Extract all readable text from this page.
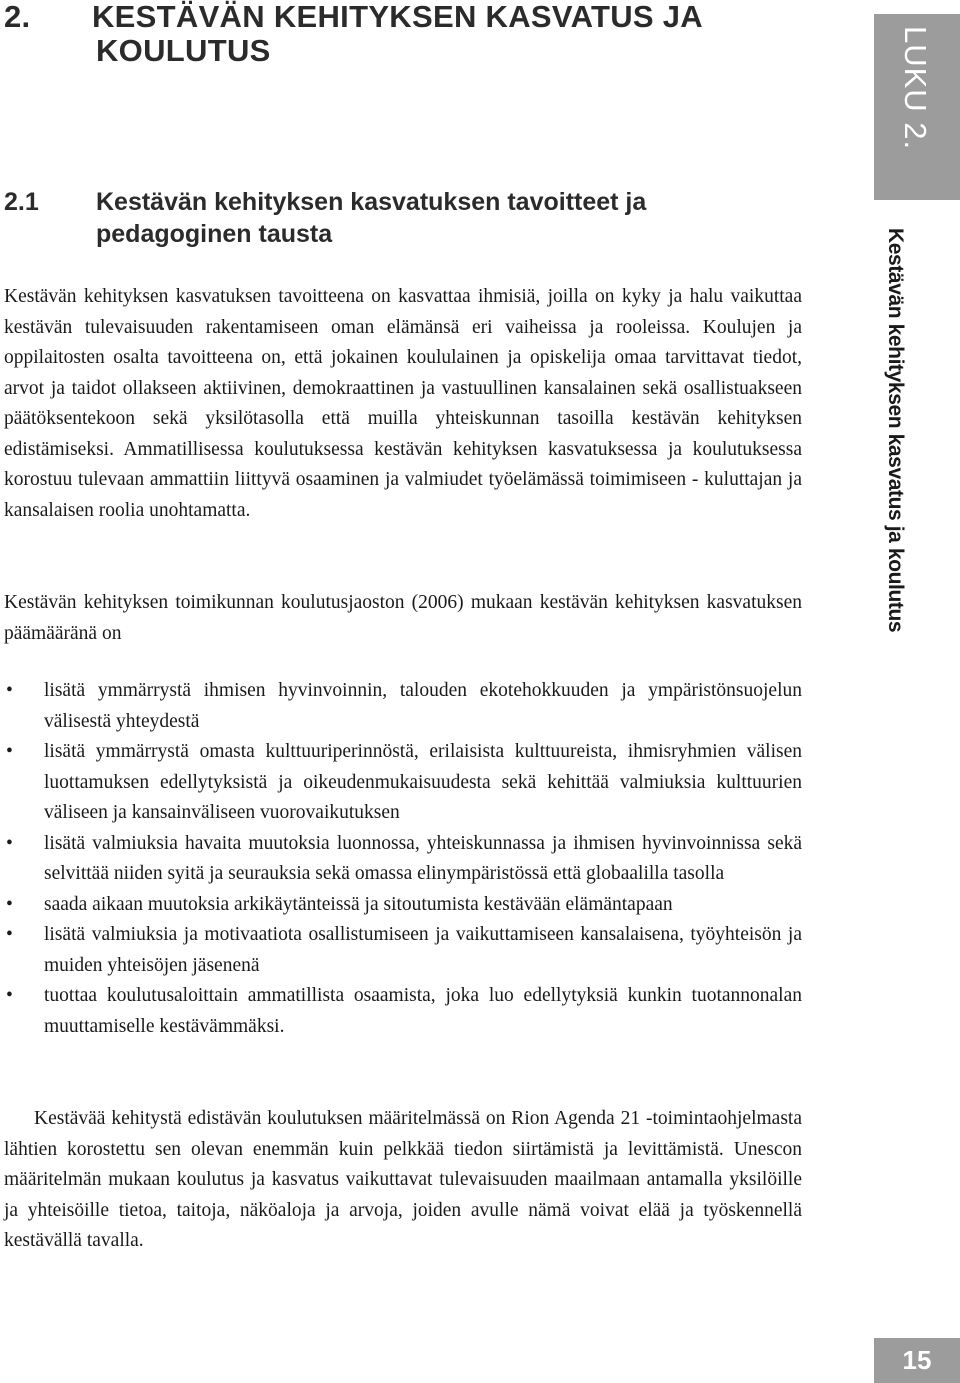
2. KESTÄVÄN KEHITYKSEN KASVATUS JA
KOULUTUS
2.1 Kestävän kehityksen kasvatuksen tavoitteet ja
pedagoginen tausta

Kestävän kehityksen kasvatuksen tavoitteena on kasvattaa ihmisiä, joilla on kyky ja halu vaikuttaa kestävän tulevaisuuden rakentamiseen oman elämänsä eri vaiheissa ja rooleissa. Koulujen ja oppilaitosten osalta tavoitteena on, että jokainen koululainen ja opiskelija omaa tarvittavat tiedot, arvot ja taidot ollakseen aktiivinen, demokraattinen ja vastuullinen kansalainen sekä osallistuakseen päätöksentekoon sekä yksilötasolla että muilla yhteiskunnan tasoilla kestävän kehityksen edistämiseksi. Ammatillisessa koulutuksessa kestävän kehityksen kasvatuksessa ja koulutuksessa korostuu tulevaan ammattiin liittyvä osaaminen ja valmiudet työelämässä toimimiseen - kuluttajan ja kansalaisen roolia unohtamatta.

Kestävän kehityksen toimikunnan koulutusjaoston (2006) mukaan kestävän kehityksen kasvatuksen päämääränä on

•	lisätä ymmärrystä ihmisen hyvinvoinnin, talouden ekotehokkuuden ja ympäristönsuojelun välisestä yhteydestä
•	lisätä ymmärrystä omasta kulttuuriperinnöstä, erilaisista kulttuureista, ihmisryhmien välisen luottamuksen edellytyksistä ja oikeudenmukaisuudesta sekä kehittää valmiuksia kulttuurien väliseen ja kansainväliseen vuorovaikutuksen
•	lisätä valmiuksia havaita muutoksia luonnossa, yhteiskunnassa ja ihmisen hyvinvoinnissa sekä selvittää niiden syitä ja seurauksia sekä omassa elinympäristössä että globaalilla tasolla
•	saada aikaan muutoksia arkikäytänteissä ja sitoutumista kestävään elämäntapaan
•	lisätä valmiuksia ja motivaatiota osallistumiseen ja vaikuttamiseen kansalaisena, työyhteisön ja muiden yhteisöjen jäsenenä
•	tuottaa koulutusaloittain ammatillista osaamista, joka luo edellytyksiä kunkin tuotannonalan muuttamiselle kestävämmäksi.

Kestävää kehitystä edistävän koulutuksen määritelmässä on Rion Agenda 21 -toimintaohjelmasta lähtien korostettu sen olevan enemmän kuin pelkkää tiedon siirtämistä ja levittämistä. Unescon määritelmän mukaan koulutus ja kasvatus vaikuttavat tulevaisuuden maailmaan antamalla yksilöille ja yhteisöille tietoa, taitoja, näköaloja ja arvoja, joiden avulle nämä voivat elää ja työskennellä kestävällä tavalla.

LUKU 2.
Kestävän kehityksen kasvatus ja koulutus
15
